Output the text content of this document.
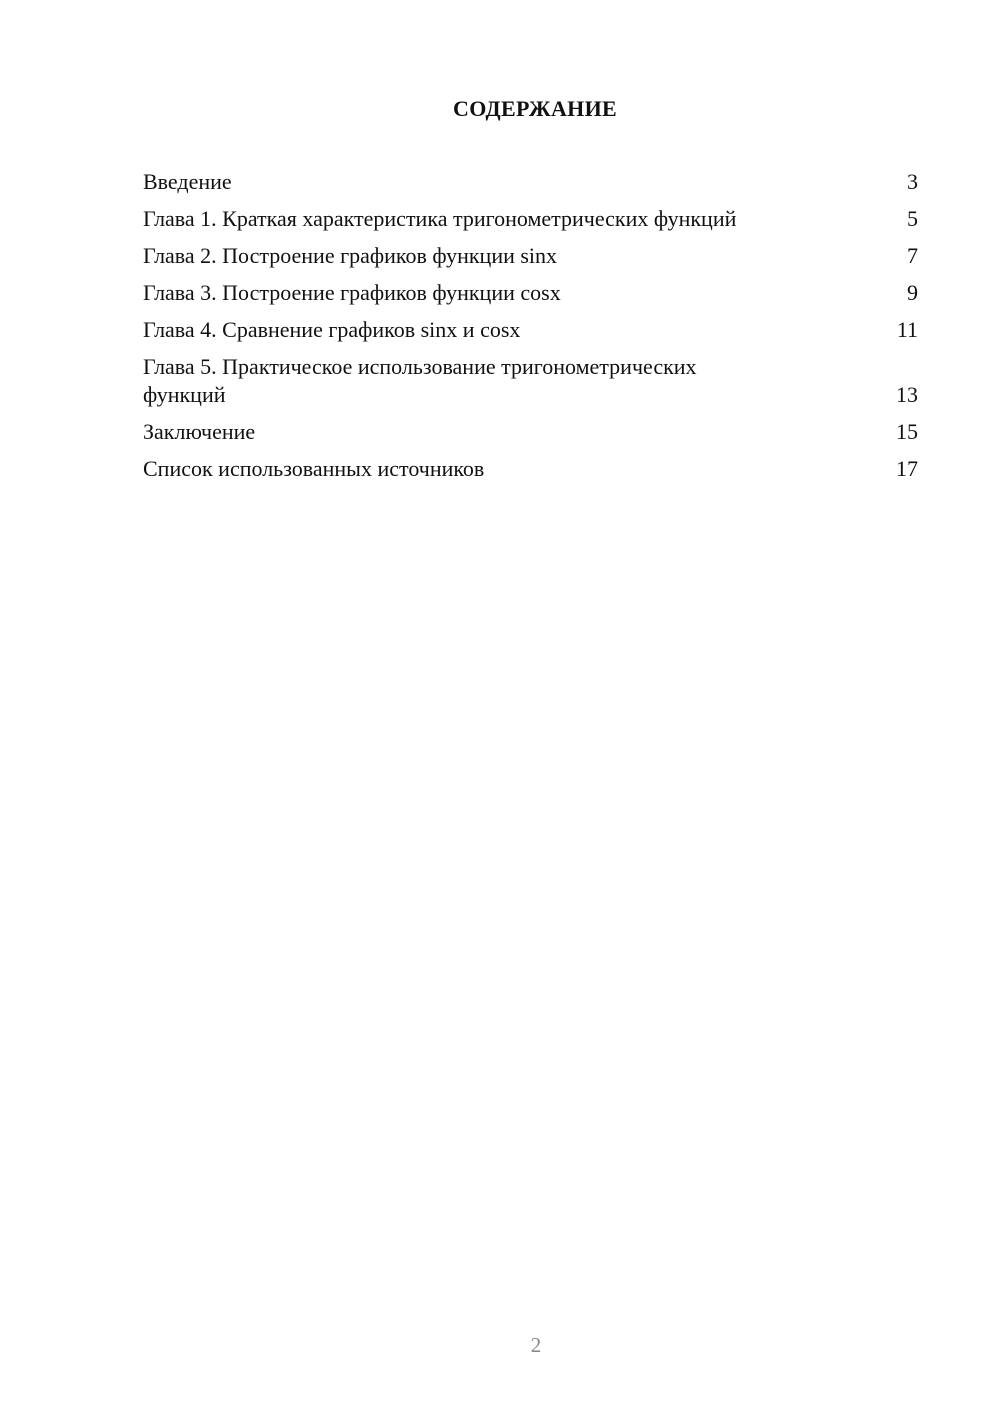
СОДЕРЖАНИЕ
Введение	3
Глава 1. Краткая характеристика тригонометрических функций	5
Глава 2. Построение графиков функции sinx	7
Глава 3. Построение графиков функции cosx	9
Глава 4. Сравнение графиков sinx и cosx	11
Глава 5. Практическое использование тригонометрических функций	13
Заключение	15
Список использованных источников	17
2
